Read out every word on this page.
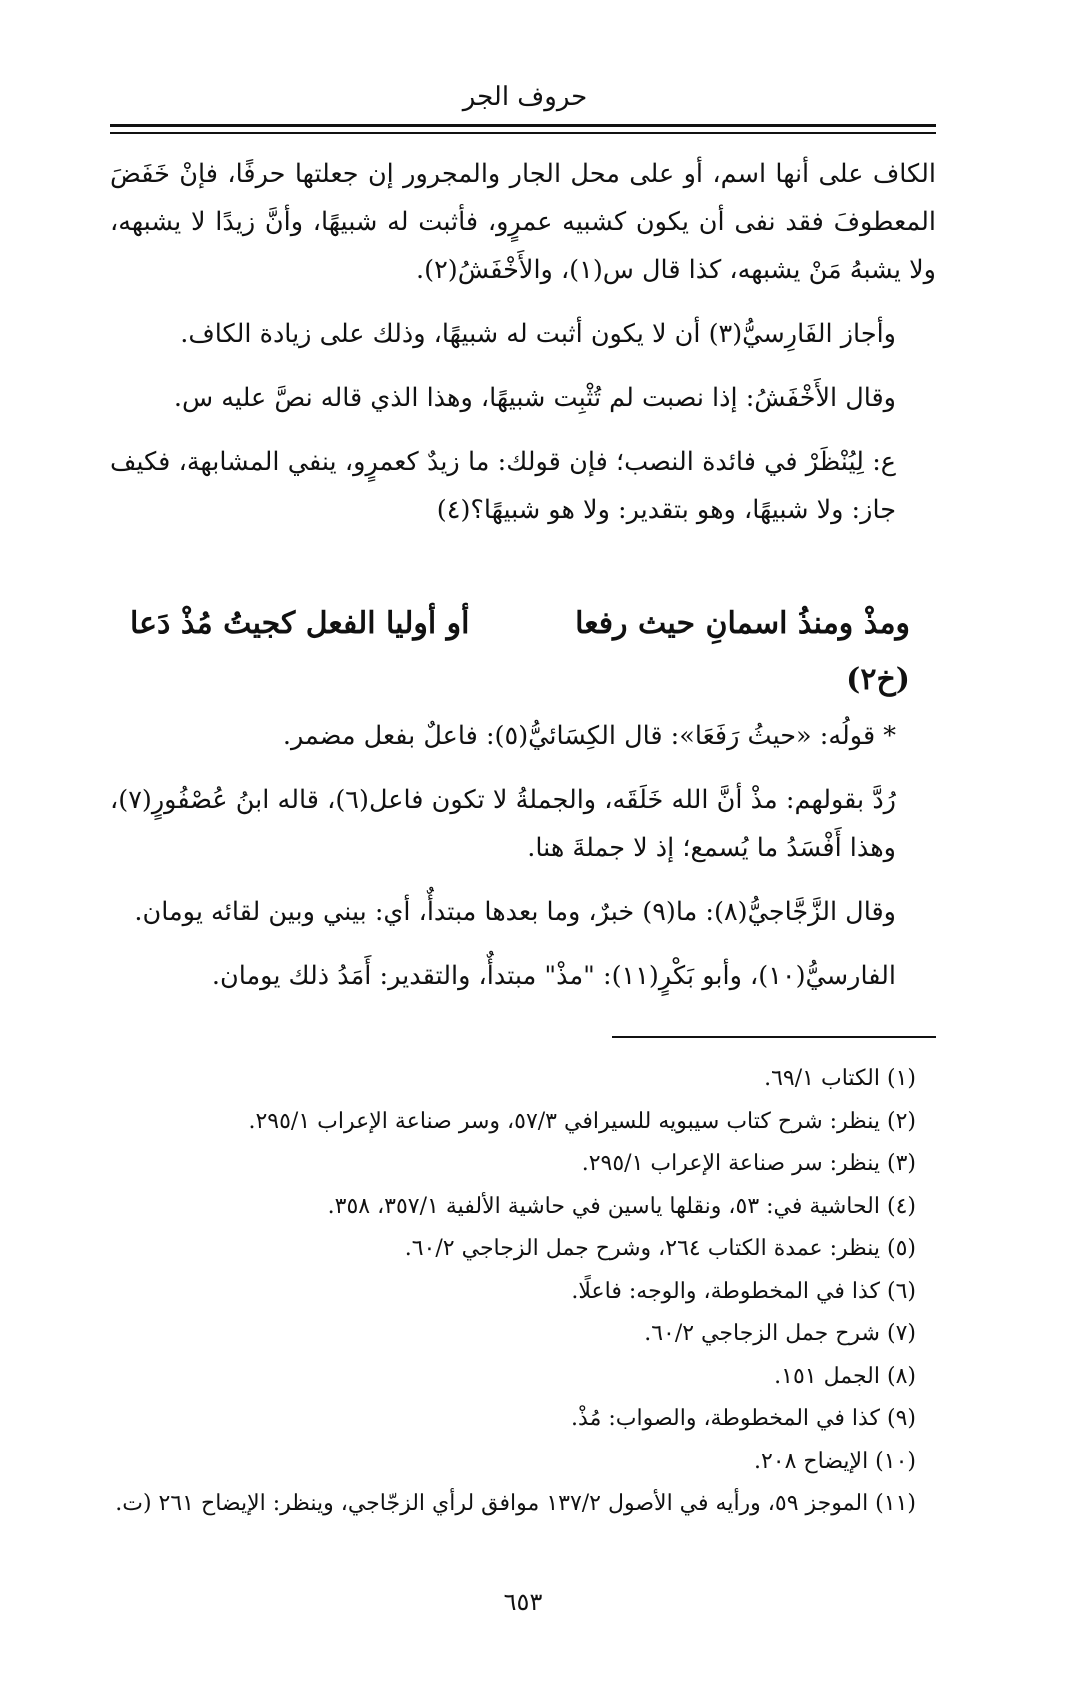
حروف الجر

الكاف على أنها اسم، أو على محل الجار والمجرور إن جعلتها حرفًا، فإنْ خَفَضَ المعطوفَ فقد نفى أن يكون كشبيه عمرٍو، فأثبت له شبيهًا، وأنَّ زيدًا لا يشبهه، ولا يشبهُ مَنْ يشبهه، كذا قال س(١)، والأَخْفَشُ(٢).

وأجاز الفَارِسيُّ(٣) أن لا يكون أثبت له شبيهًا، وذلك على زيادة الكاف.

وقال الأَخْفَشُ: إذا نصبت لم تُثْبِت شبيهًا، وهذا الذي قاله نصَّ عليه س.

ع: لِيُنْظَرْ في فائدة النصب؛ فإن قولك: ما زيدٌ كعمرٍو، ينفي المشابهة، فكيف جاز: ولا شبيهًا، وهو بتقدير: ولا هو شبيهًا؟(٤)

ومذْ ومنذُ اسمانِ حيث رفعا
أو أوليا الفعل كجيتُ مُذْ دَعا
(خ٢)

* قولُه: «حيثُ رَفَعَا»: قال الكِسَائيُّ(٥): فاعلٌ بفعل مضمر.

رُدَّ بقولهم: مذْ أنَّ الله خَلَقَه، والجملةُ لا تكون فاعل(٦)، قاله ابنُ عُصْفُورٍ(٧)، وهذا أَفْسَدُ ما يُسمع؛ إذ لا جملةَ هنا.

وقال الزَّجَّاجيُّ(٨): ما(٩) خبرٌ، وما بعدها مبتدأٌ، أي: بيني وبين لقائه يومان.

الفارسيُّ(١٠)، وأبو بَكْرٍ(١١): "مذْ" مبتدأٌ، والتقدير: أَمَدُ ذلك يومان.

(١) الكتاب ٦٩/١.
(٢) ينظر: شرح كتاب سيبويه للسيرافي ٥٧/٣، وسر صناعة الإعراب ٢٩٥/١.
(٣) ينظر: سر صناعة الإعراب ٢٩٥/١.
(٤) الحاشية في: ٥٣، ونقلها ياسين في حاشية الألفية ٣٥٧/١، ٣٥٨.
(٥) ينظر: عمدة الكتاب ٢٦٤، وشرح جمل الزجاجي ٦٠/٢.
(٦) كذا في المخطوطة، والوجه: فاعلًا.
(٧) شرح جمل الزجاجي ٦٠/٢.
(٨) الجمل ١٥١.
(٩) كذا في المخطوطة، والصواب: مُذْ.
(١٠) الإيضاح ٢٠٨.
(١١) الموجز ٥٩، ورأيه في الأصول ١٣٧/٢ موافق لرأي الزجّاجي، وينظر: الإيضاح ٢٦١ (ت.
٦٥٣
